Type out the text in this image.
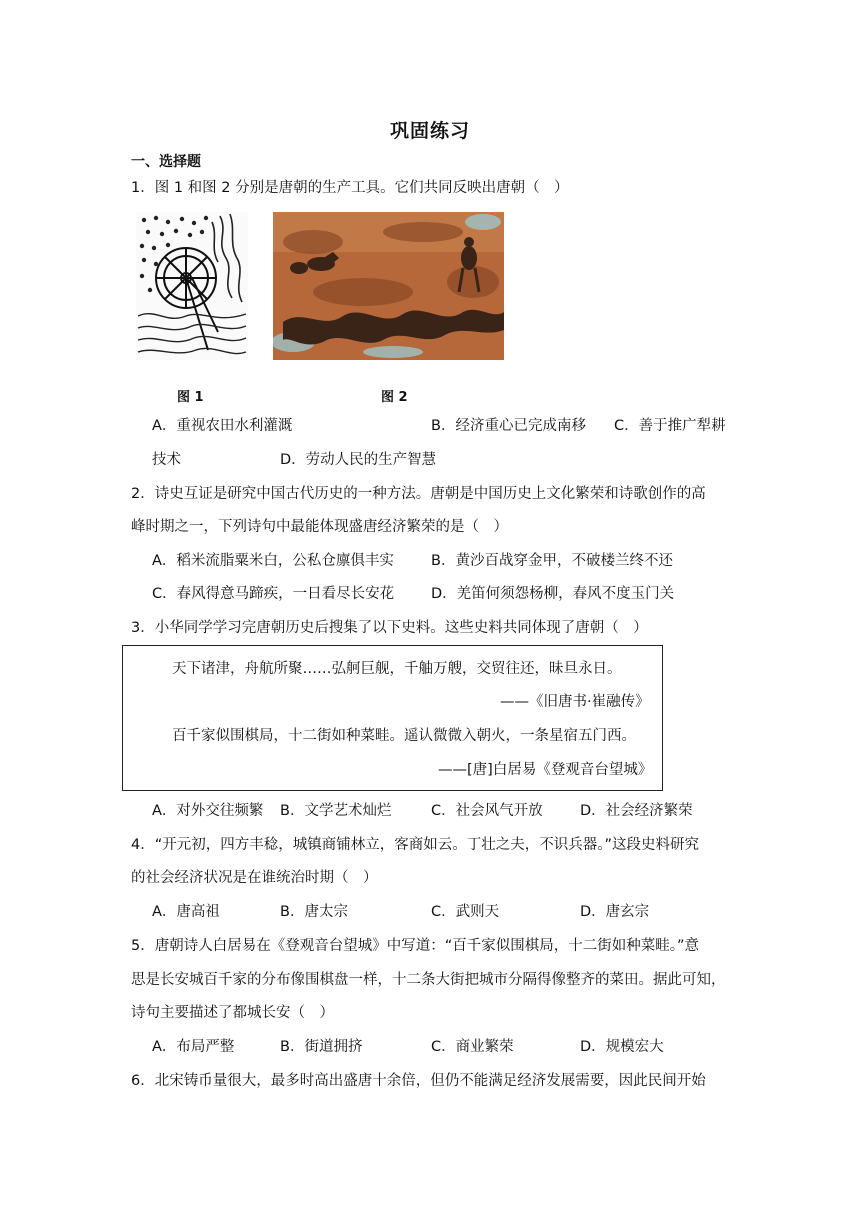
巩固练习
一、选择题
1．图 1 和图 2 分别是唐朝的生产工具。它们共同反映出唐朝（　）
图 1	图 2
A．重视农田水利灌溉	B．经济重心已完成南移 C．善于推广犁耕
技术	D．劳动人民的生产智慧
2．诗史互证是研究中国古代历史的一种方法。唐朝是中国历史上文化繁荣和诗歌创作的高
峰时期之一，下列诗句中最能体现盛唐经济繁荣的是（　）
A．稻米流脂粟米白，公私仓廪俱丰实	B．黄沙百战穿金甲，不破楼兰终不还
C．春风得意马蹄疾，一日看尽长安花	D．羌笛何须怨杨柳，春风不度玉门关
3．小华同学学习完唐朝历史后搜集了以下史料。这些史料共同体现了唐朝（　）
天下诸津，舟航所聚……弘舸巨舰，千舳万艘，交贸往还，昧旦永日。
——《旧唐书·崔融传》
百千家似围棋局，十二街如种菜畦。遥认微微入朝火，一条星宿五门西。
——[唐]白居易《登观音台望城》
A．对外交往频繁 B．文学艺术灿烂	C．社会风气开放	D．社会经济繁荣
4．“开元初，四方丰稔，城镇商铺林立，客商如云。丁壮之夫，不识兵器。”这段史料研究
的社会经济状况是在谁统治时期（　）
A．唐高祖	B．唐太宗	C．武则天	D．唐玄宗
5．唐朝诗人白居易在《登观音台望城》中写道：“百千家似围棋局，十二街如种菜畦。”意
思是长安城百千家的分布像围棋盘一样，十二条大街把城市分隔得像整齐的菜田。据此可知，
诗句主要描述了都城长安（　）
A．布局严整	B．街道拥挤	C．商业繁荣	D．规模宏大
6．北宋铸币量很大，最多时高出盛唐十余倍，但仍不能满足经济发展需要，因此民间开始
